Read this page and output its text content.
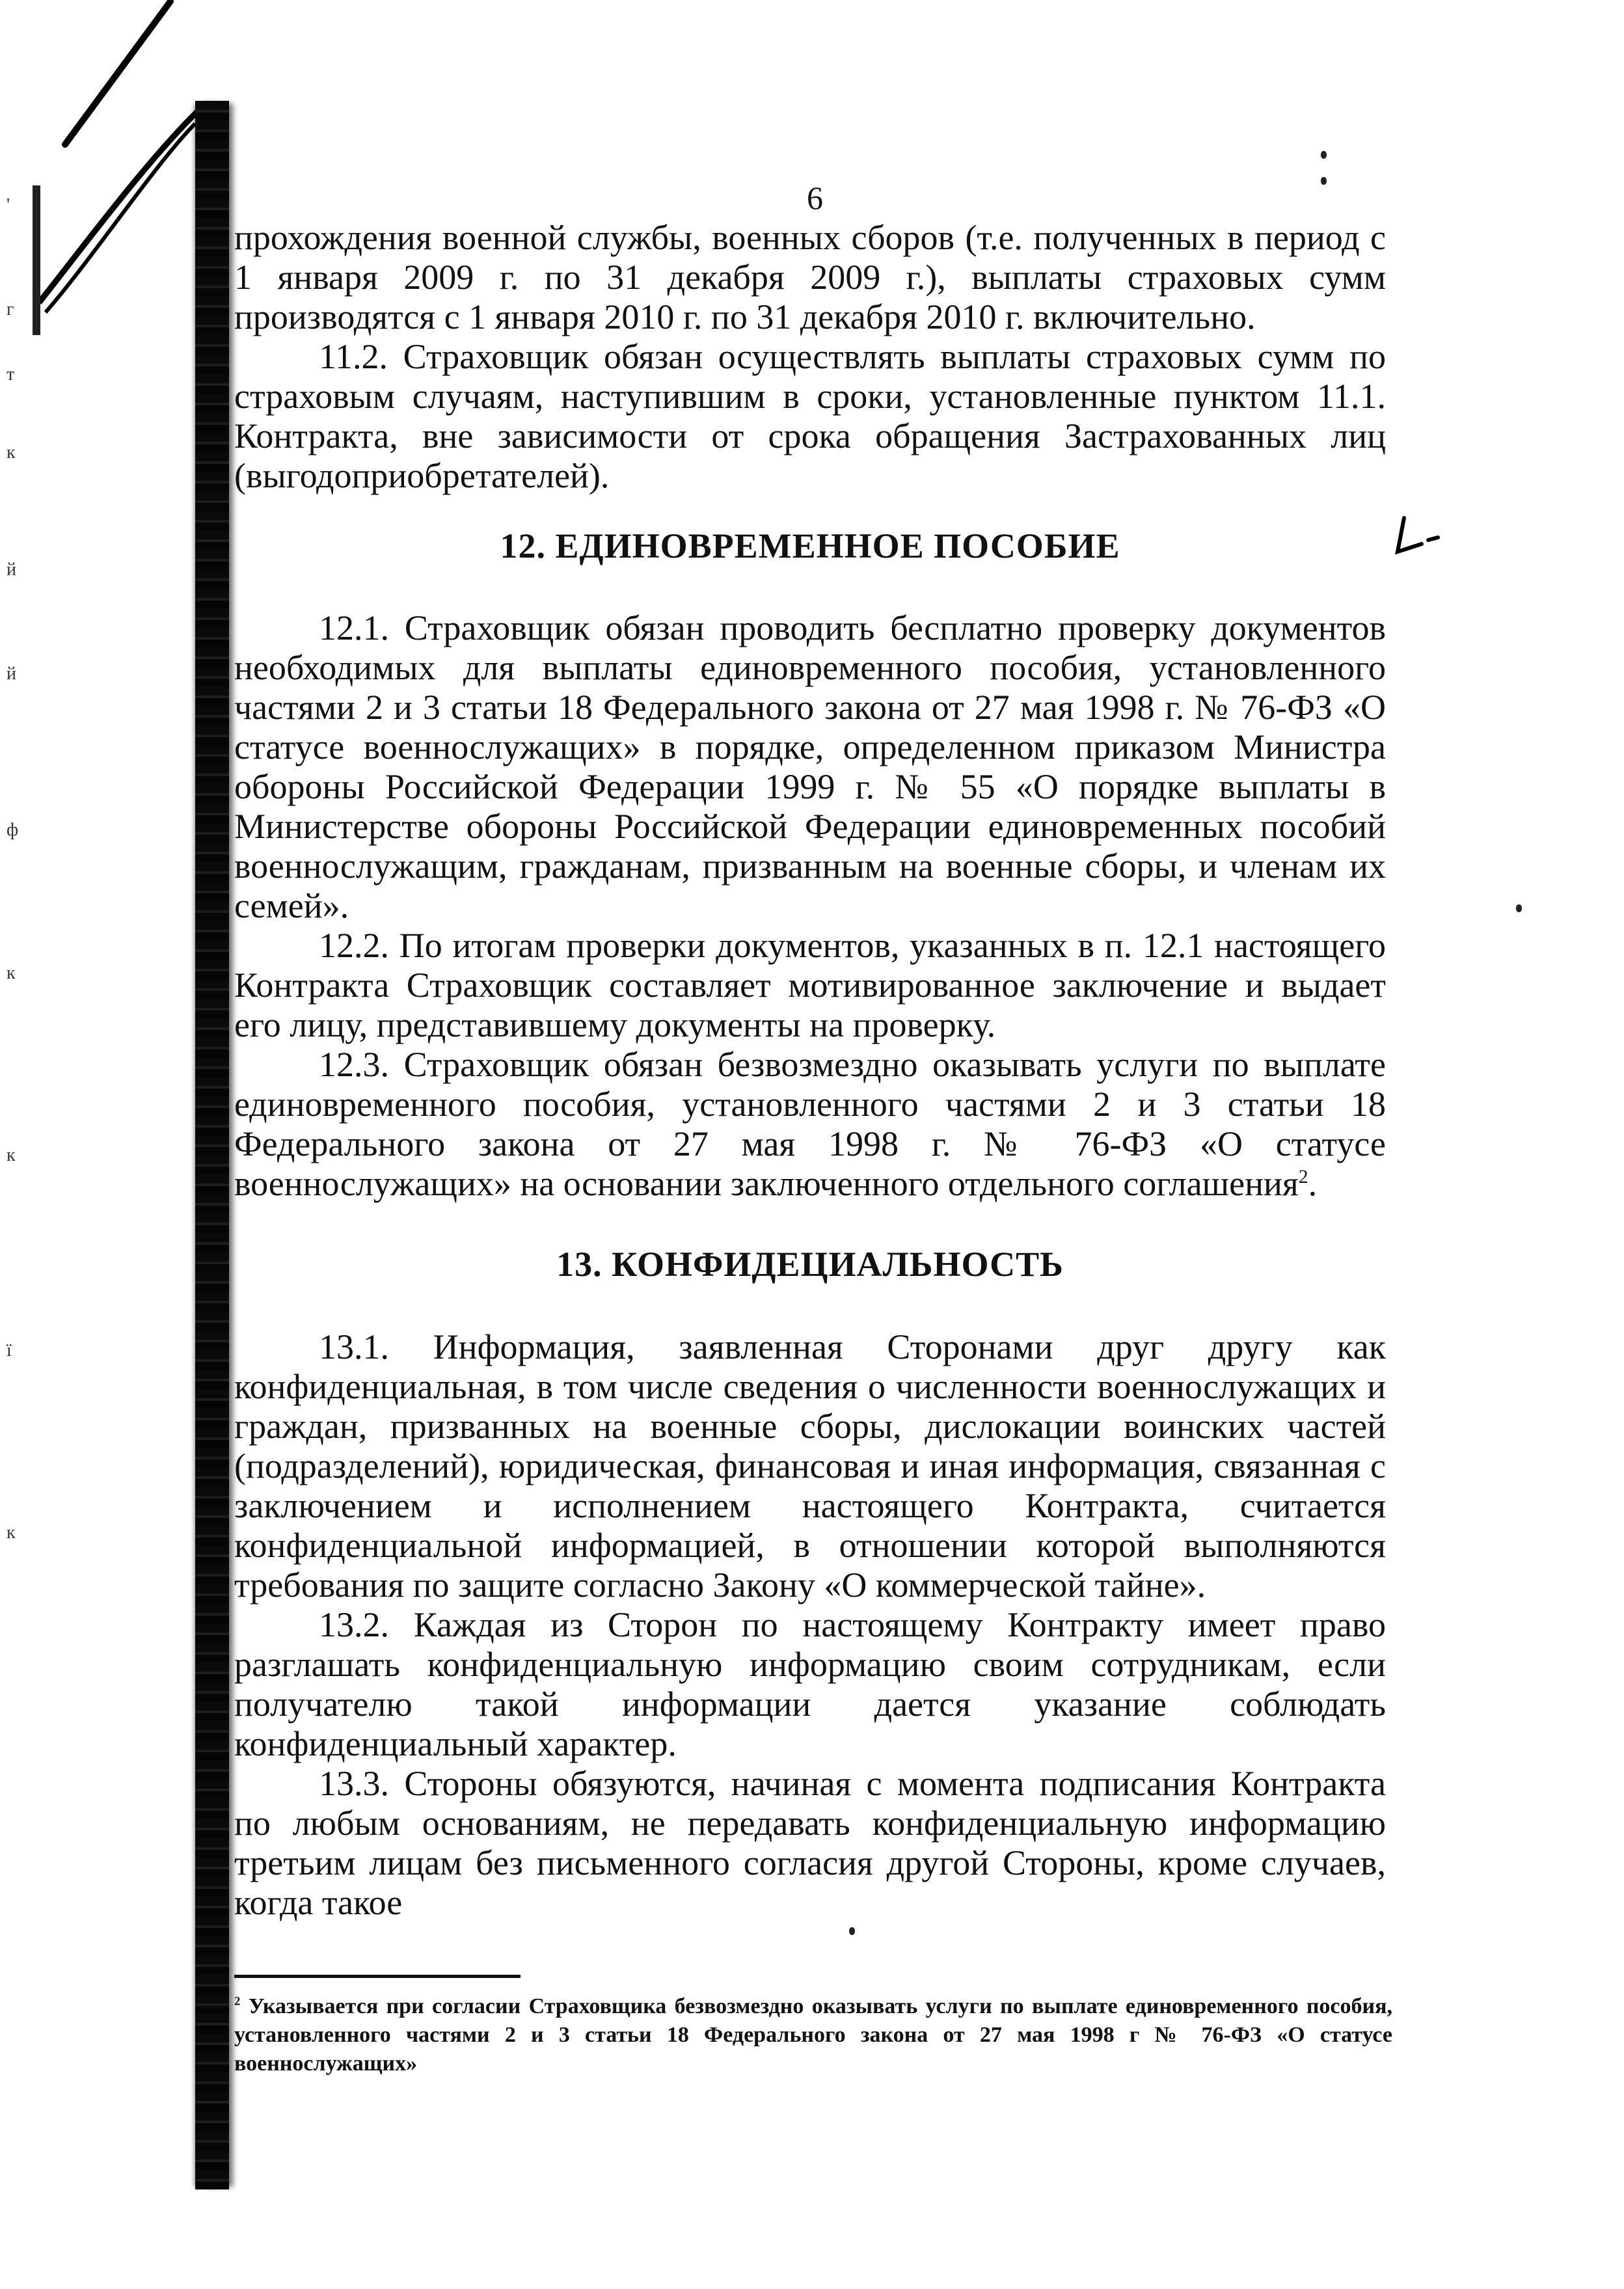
'
г
т
к
й
й
ф
к
к
ї
к
6

прохождения военной службы, военных сборов (т.е. полученных в период с 1 января 2009 г. по 31 декабря 2009 г.), выплаты страховых сумм производятся с 1 января 2010 г. по 31 декабря 2010 г. включительно.

11.2. Страховщик обязан осуществлять выплаты страховых сумм по страховым случаям, наступившим в сроки, установленные пунктом 11.1. Контракта, вне зависимости от срока обращения Застрахованных лиц (выгодоприобретателей).

12. ЕДИНОВРЕМЕННОЕ ПОСОБИЕ

12.1. Страховщик обязан проводить бесплатно проверку документов необходимых для выплаты единовременного пособия, установленного частями 2 и 3 статьи 18 Федерального закона от 27 мая 1998 г. № 76-ФЗ «О статусе военнослужащих» в порядке, определенном приказом Министра обороны Российской Федерации 1999 г. № 55 «О порядке выплаты в Министерстве обороны Российской Федерации единовременных пособий военнослужащим, гражданам, призванным на военные сборы, и членам их семей».

12.2. По итогам проверки документов, указанных в п. 12.1 настоящего Контракта Страховщик составляет мотивированное заключение и выдает его лицу, представившему документы на проверку.

12.3. Страховщик обязан безвозмездно оказывать услуги по выплате единовременного пособия, установленного частями 2 и 3 статьи 18 Федерального закона от 27 мая 1998 г. № 76-ФЗ «О статусе военнослужащих» на основании заключенного отдельного соглашения$^2$.

13. КОНФИДЕЦИАЛЬНОСТЬ

13.1. Информация, заявленная Сторонами друг другу как конфиденциальная, в том числе сведения о численности военнослужащих и граждан, призванных на военные сборы, дислокации воинских частей (подразделений), юридическая, финансовая и иная информация, связанная с заключением и исполнением настоящего Контракта, считается конфиденциальной информацией, в отношении которой выполняются требования по защите согласно Закону «О коммерческой тайне».

13.2. Каждая из Сторон по настоящему Контракту имеет право разглашать конфиденциальную информацию своим сотрудникам, если получателю такой информации дается указание соблюдать конфиденциальный характер.

13.3. Стороны обязуются, начиная с момента подписания Контракта по любым основаниям, не передавать конфиденциальную информацию третьим лицам без письменного согласия другой Стороны, кроме случаев, когда такое

$^2$ Указывается при согласии Страховщика безвозмездно оказывать услуги по выплате единовременного пособия, установленного частями 2 и 3 статьи 18 Федерального закона от 27 мая 1998 г № 76-ФЗ «О статусе военнослужащих»
